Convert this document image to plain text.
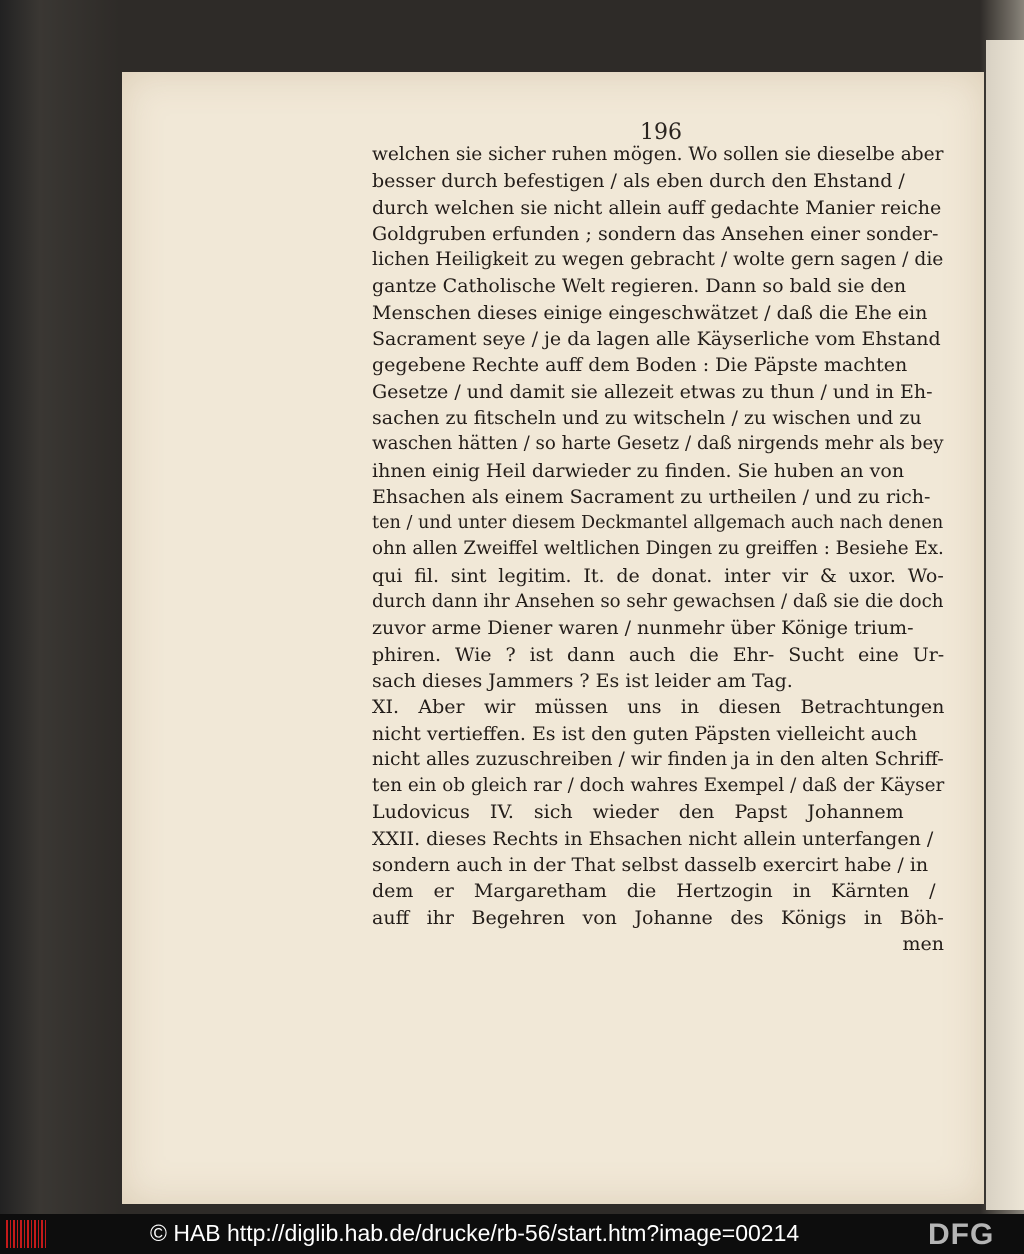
196
welchen sie sicher ruhen mögen. Wo sollen sie dieselbe aber
besser durch befestigen / als eben durch den Ehstand /
durch welchen sie nicht allein auff gedachte Manier reiche
Goldgruben erfunden ; sondern das Ansehen einer sonder-
lichen Heiligkeit zu wegen gebracht / wolte gern sagen / die
gantze Catholische Welt regieren. Dann so bald sie den
Menschen dieses einige eingeschwätzet / daß die Ehe ein
Sacrament seye / je da lagen alle Käyserliche vom Ehstand
gegebene Rechte auff dem Boden : Die Päpste machten
Gesetze / und damit sie allezeit etwas zu thun / und in Eh-
sachen zu fitscheln und zu witscheln / zu wischen und zu
waschen hätten / so harte Gesetz / daß nirgends mehr als bey
ihnen einig Heil darwieder zu finden. Sie huben an von
Ehsachen als einem Sacrament zu urtheilen / und zu rich-
ten / und unter diesem Deckmantel allgemach auch nach denen
ohn allen Zweiffel weltlichen Dingen zu greiffen : Besiehe Ex.
qui fil. sint legitim. It. de donat. inter vir & uxor. Wo-
durch dann ihr Ansehen so sehr gewachsen / daß sie die doch
zuvor arme Diener waren / nunmehr über Könige trium-
phiren. Wie ? ist dann auch die Ehr- Sucht eine Ur-
sach dieses Jammers ? Es ist leider am Tag.
XI. Aber wir müssen uns in diesen Betrachtungen
nicht vertieffen. Es ist den guten Päpsten vielleicht auch
nicht alles zuzuschreiben / wir finden ja in den alten Schriff-
ten ein ob gleich rar / doch wahres Exempel / daß der Käyser
Ludovicus IV. sich wieder den Papst Johannem
XXII. dieses Rechts in Ehsachen nicht allein unterfangen /
sondern auch in der That selbst dasselb exercirt habe / in
dem er Margaretham die Hertzogin in Kärnten /
auff ihr Begehren von Johanne des Königs in Böh-
men
© HAB http://diglib.hab.de/drucke/rb-56/start.htm?image=00214	DFG
